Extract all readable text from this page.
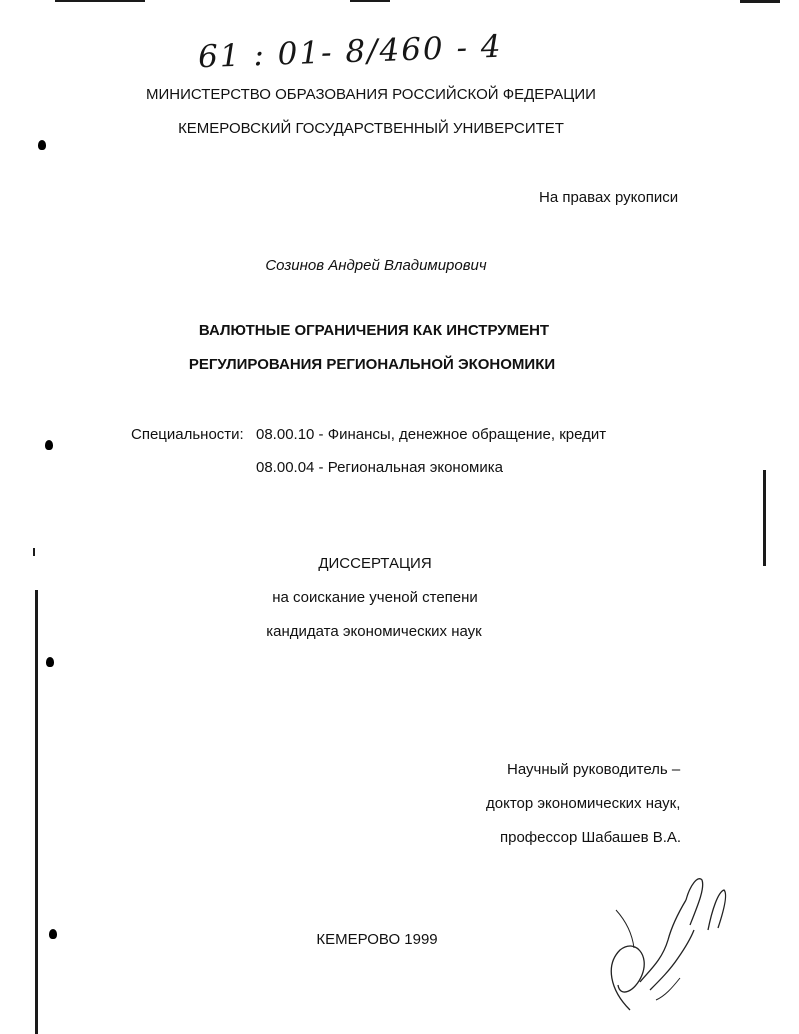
61 : 01- 8/460 - 4
МИНИСТЕРСТВО ОБРАЗОВАНИЯ РОССИЙСКОЙ ФЕДЕРАЦИИ
КЕМЕРОВСКИЙ ГОСУДАРСТВЕННЫЙ УНИВЕРСИТЕТ
На правах рукописи
Созинов Андрей Владимирович
ВАЛЮТНЫЕ ОГРАНИЧЕНИЯ КАК ИНСТРУМЕНТ
РЕГУЛИРОВАНИЯ РЕГИОНАЛЬНОЙ ЭКОНОМИКИ
Специальности: 08.00.10 - Финансы, денежное обращение, кредит
08.00.04 - Региональная экономика
ДИССЕРТАЦИЯ
на соискание ученой степени
кандидата экономических наук
Научный руководитель –
доктор экономических наук,
профессор Шабашев В.А.
КЕМЕРОВО 1999
